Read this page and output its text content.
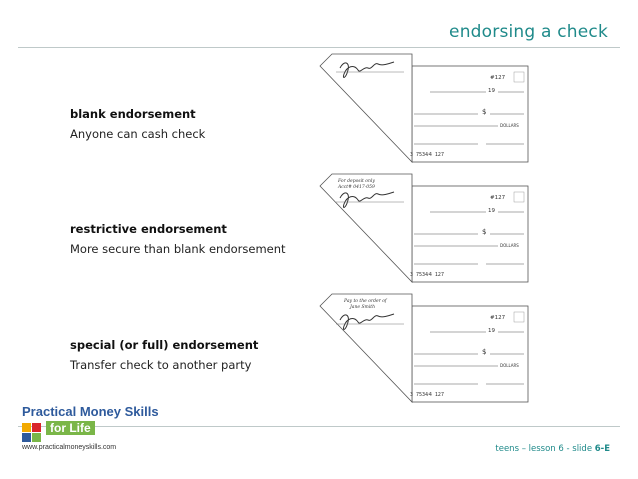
endorsing a check
blank endorsement
Anyone can cash check
restrictive endorsement
More secure than blank endorsement
special (or full) endorsement
Transfer check to another party
#127
19
$
DOLLARS
3 7534⁄4 127
For deposit only
Acct# 0417-059
#127
19
$
DOLLARS
3 7534⁄4 127
Pay to the order of
Jane Smith
#127
19
$
DOLLARS
3 7534⁄4 127
Practical Money Skills
for Life
www.practicalmoneyskills.com	teens – lesson 6 - slide 6-E
